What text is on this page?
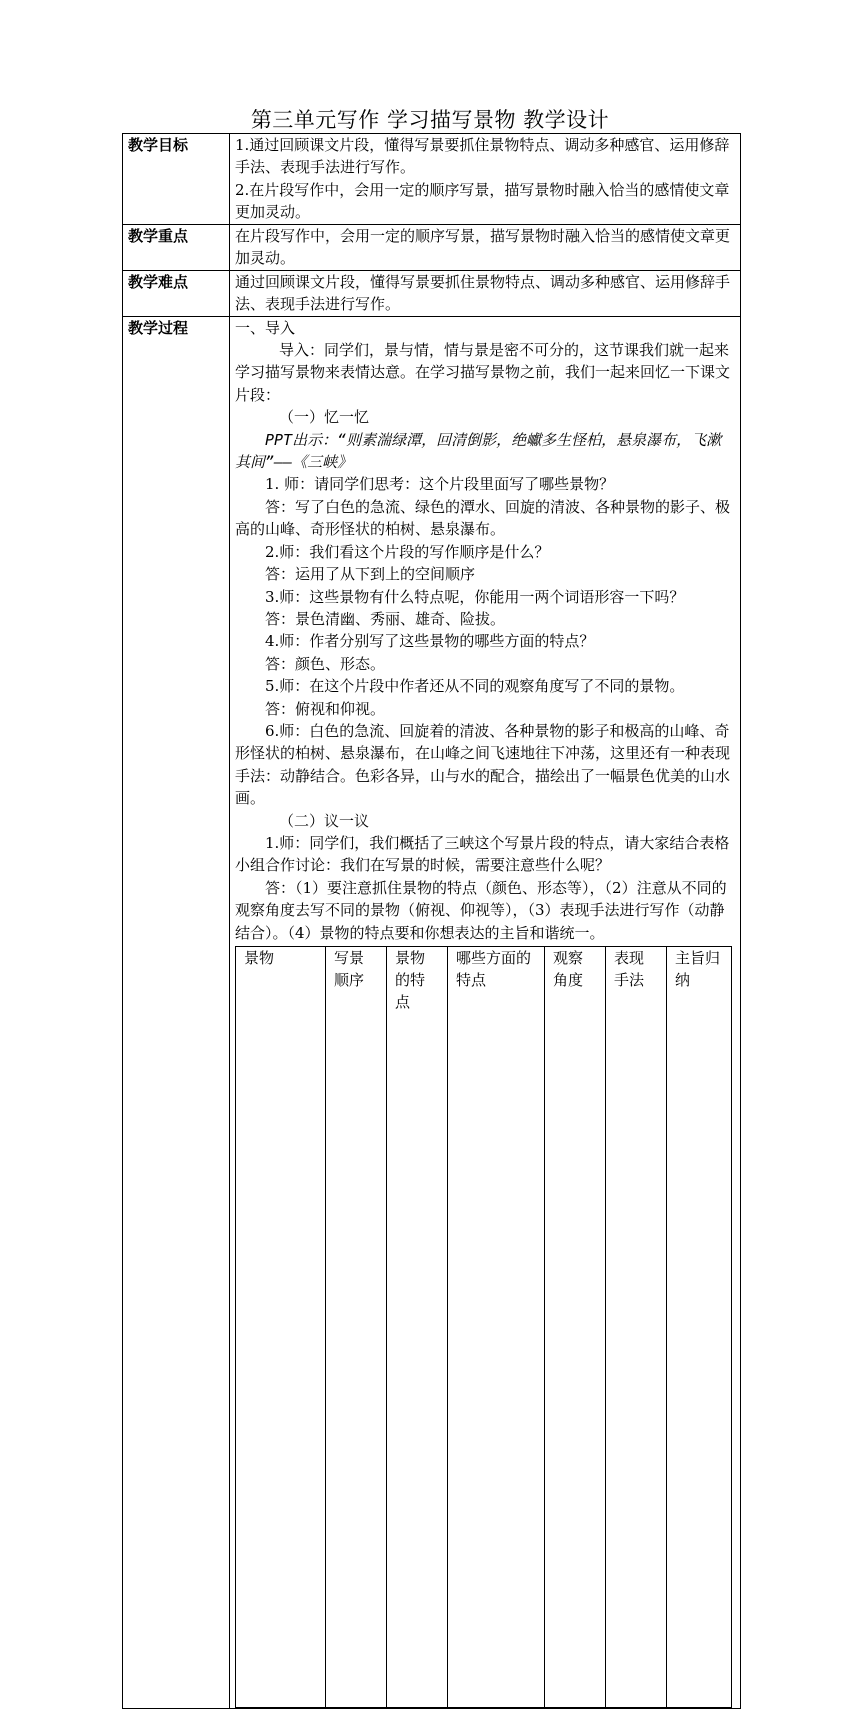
第三单元写作 学习描写景物 教学设计
教学目标	1.通过回顾课文片段，懂得写景要抓住景物特点、调动多种感官、运用修辞手法、表现手法进行写作。

2.在片段写作中，会用一定的顺序写景，描写景物时融入恰当的感情使文章更加灵动。

教学重点	在片段写作中，会用一定的顺序写景，描写景物时融入恰当的感情使文章更加灵动。

教学难点	通过回顾课文片段，懂得写景要抓住景物特点、调动多种感官、运用修辞手法、表现手法进行写作。

教学过程	一、导入

导入：同学们，景与情，情与景是密不可分的，这节课我们就一起来学习描写景物来表情达意。在学习描写景物之前，我们一起来回忆一下课文片段：

（一）忆一忆

PPT出示：“则素湍绿潭，回清倒影，绝巘多生怪柏，悬泉瀑布，飞漱其间”——《三峡》

1. 师：请同学们思考：这个片段里面写了哪些景物？

答：写了白色的急流、绿色的潭水、回旋的清波、各种景物的影子、极高的山峰、奇形怪状的柏树、悬泉瀑布。

2.师：我们看这个片段的写作顺序是什么？

答：运用了从下到上的空间顺序

3.师：这些景物有什么特点呢，你能用一两个词语形容一下吗？

答：景色清幽、秀丽、雄奇、险拔。

4.师：作者分别写了这些景物的哪些方面的特点？

答：颜色、形态。

5.师：在这个片段中作者还从不同的观察角度写了不同的景物。

答：俯视和仰视。

6.师：白色的急流、回旋着的清波、各种景物的影子和极高的山峰、奇形怪状的柏树、悬泉瀑布，在山峰之间飞速地往下冲荡，这里还有一种表现手法：动静结合。色彩各异，山与水的配合，描绘出了一幅景色优美的山水画。

（二）议一议

1.师：同学们，我们概括了三峡这个写景片段的特点，请大家结合表格小组合作讨论：我们在写景的时候，需要注意些什么呢？

答：（1）要注意抓住景物的特点（颜色、形态等），（2）注意从不同的观察角度去写不同的景物（俯视、仰视等），（3）表现手法进行写作（动静结合）。（4）景物的特点要和你想表达的主旨和谐统一。

景物	写景顺序	景物的特点	哪些方面的特点	观察角度	表现手法	主旨归纳
